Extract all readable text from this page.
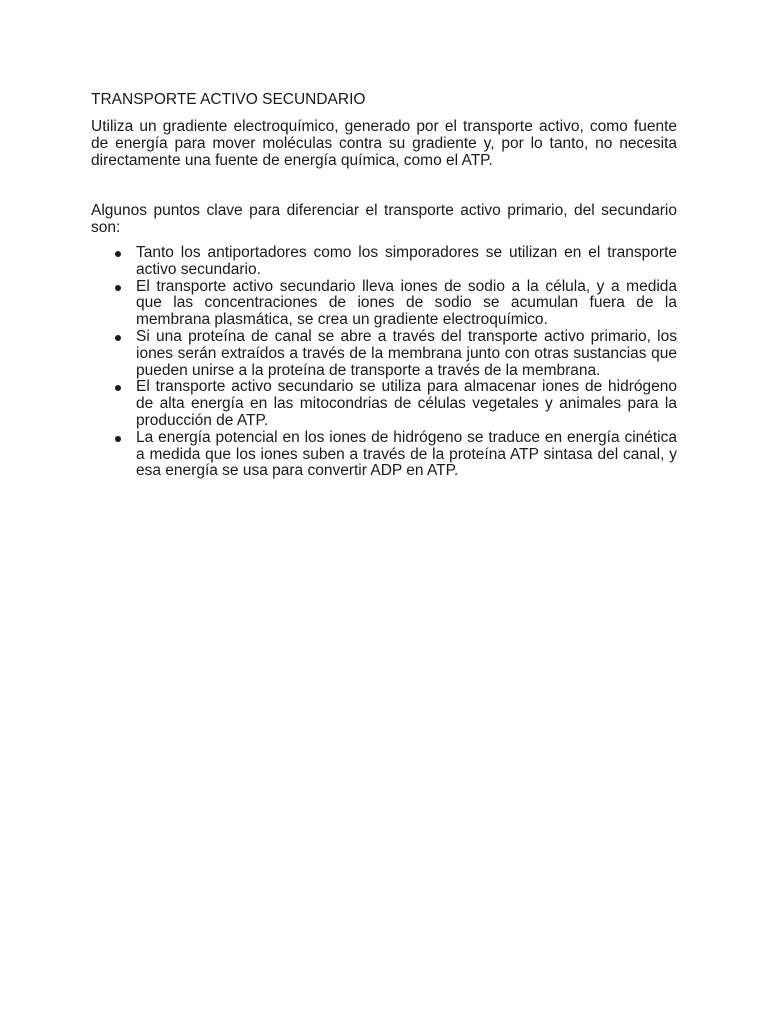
TRANSPORTE ACTIVO SECUNDARIO

Utiliza un gradiente electroquímico, generado por el transporte activo, como fuente de energía para mover moléculas contra su gradiente y, por lo tanto, no necesita directamente una fuente de energía química, como el ATP.

Algunos puntos clave para diferenciar el transporte activo primario, del secundario son:

Tanto los antiportadores como los simporadores se utilizan en el transporte activo secundario.
El transporte activo secundario lleva iones de sodio a la célula, y a medida que las concentraciones de iones de sodio se acumulan fuera de la membrana plasmática, se crea un gradiente electroquímico.
Si una proteína de canal se abre a través del transporte activo primario, los iones serán extraídos a través de la membrana junto con otras sustancias que pueden unirse a la proteína de transporte a través de la membrana.
El transporte activo secundario se utiliza para almacenar iones de hidrógeno de alta energía en las mitocondrias de células vegetales y animales para la producción de ATP.
La energía potencial en los iones de hidrógeno se traduce en energía cinética a medida que los iones suben a través de la proteína ATP sintasa del canal, y esa energía se usa para convertir ADP en ATP.
